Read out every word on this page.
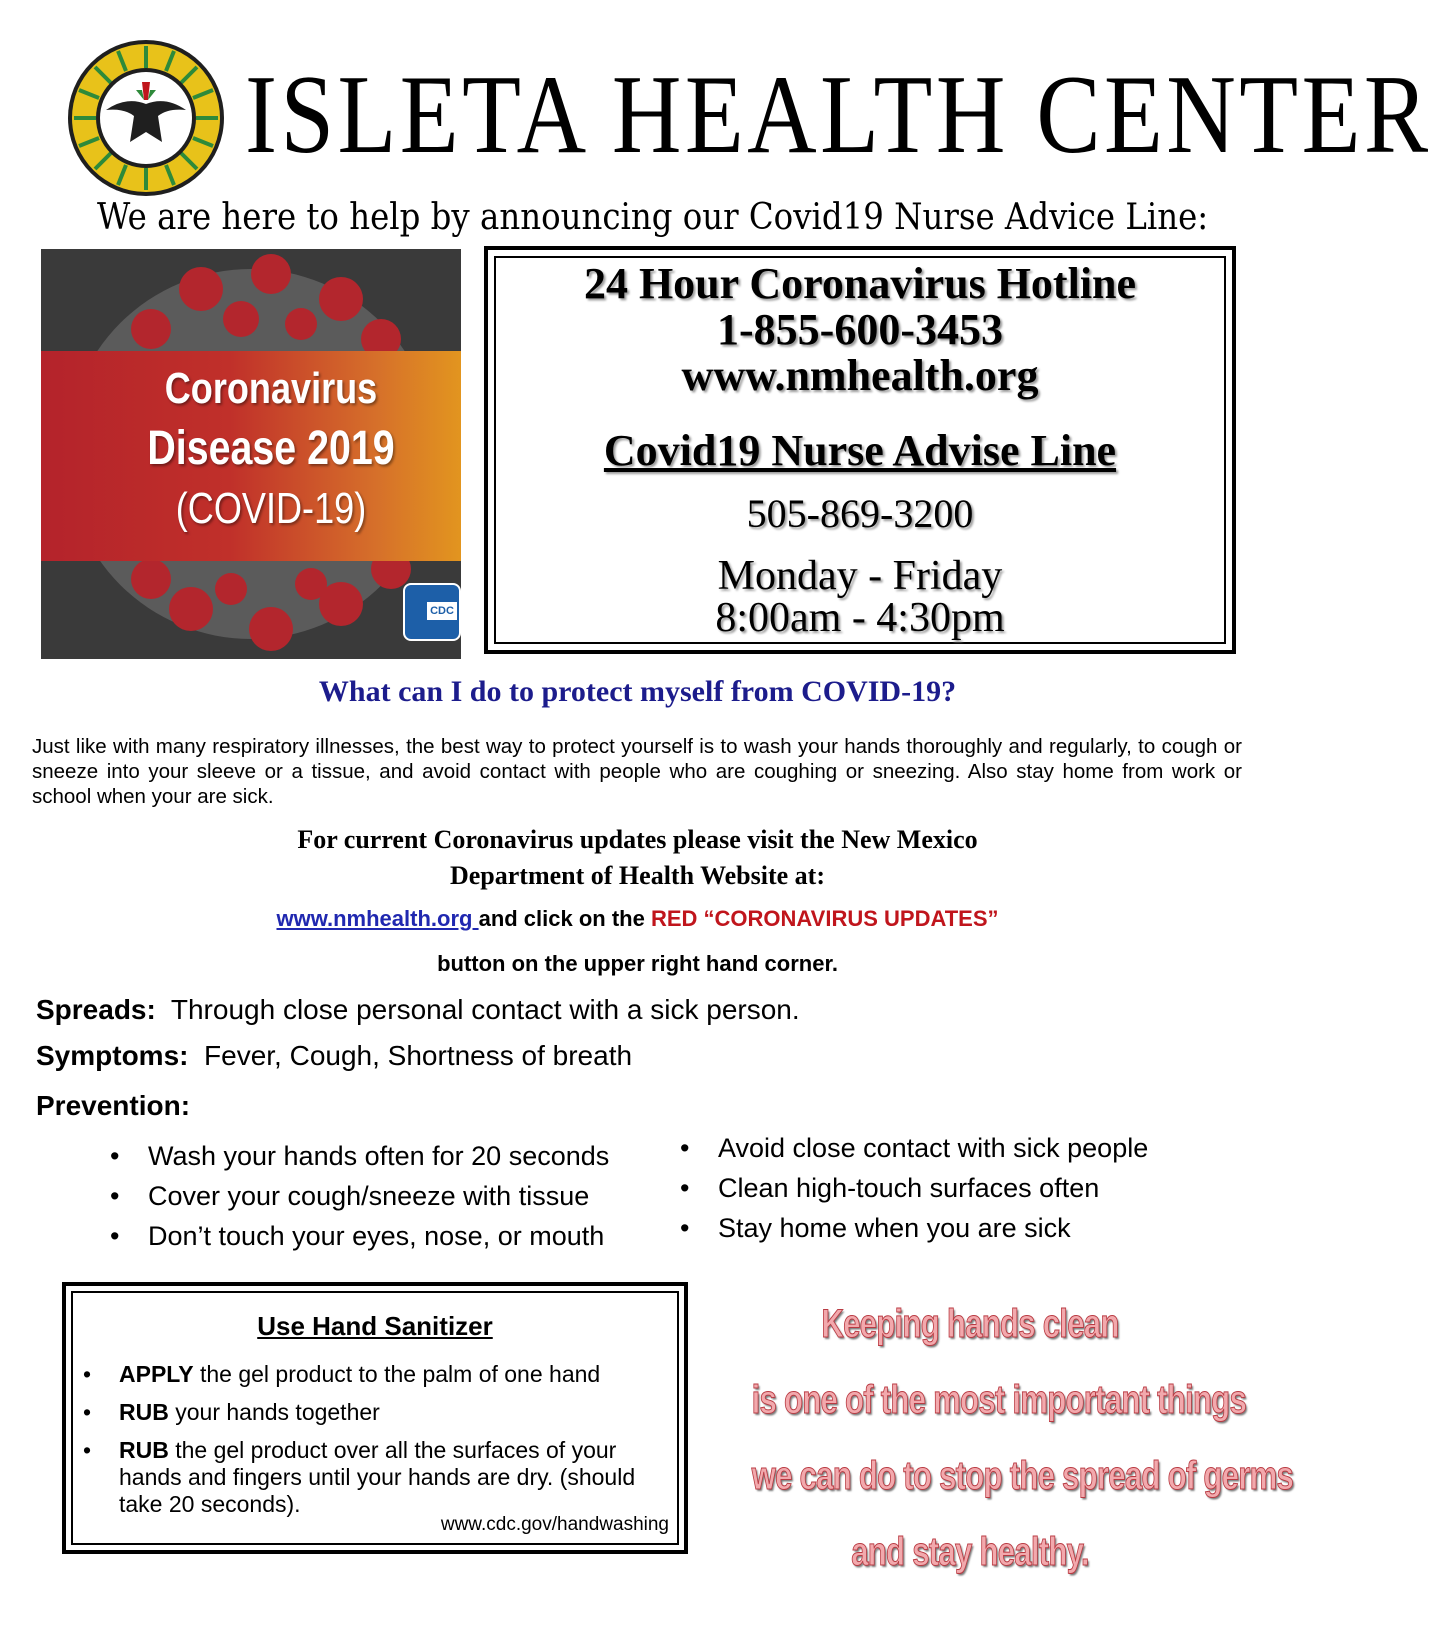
ISLETA HEALTH CENTER
We are here to help by announcing our Covid19 Nurse Advice Line:
Coronavirus
Disease 2019
(COVID-19)
CDC
24 Hour Coronavirus Hotline
1-855-600-3453
www.nmhealth.org
Covid19 Nurse Advise Line
505-869-3200
Monday - Friday
8:00am - 4:30pm
What can I do to protect myself from COVID-19?
Just like with many respiratory illnesses, the best way to protect yourself is to wash your hands thoroughly and regularly, to cough or sneeze into your sleeve or a tissue, and avoid contact with people who are coughing or sneezing. Also stay home from work or school when your are sick.
For current Coronavirus updates please visit the New Mexico
Department of Health Website at:
www.nmhealth.org and click on the RED “CORONAVIRUS UPDATES”
button on the upper right hand corner.
Spreads:  Through close personal contact with a sick person.
Symptoms:  Fever, Cough, Shortness of breath
Prevention:
• Wash your hands often for 20 seconds
• Cover your cough/sneeze with tissue
• Don’t touch your eyes, nose, or mouth
• Avoid close contact with sick people
• Clean high-touch surfaces often
• Stay home when you are sick
Use Hand Sanitizer
• APPLY the gel product to the palm of one hand
• RUB your hands together
• RUB the gel product over all the surfaces of your hands and fingers until your hands are dry. (should take 20 seconds).
www.cdc.gov/handwashing
Keeping hands clean
is one of the most important things
we can do to stop the spread of germs
and stay healthy.
